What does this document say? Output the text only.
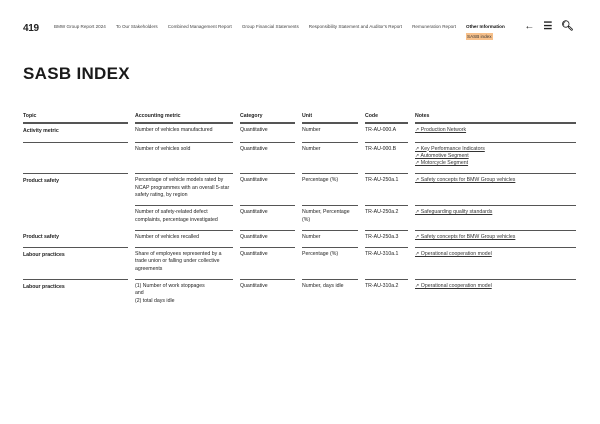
419	BMW Group Report 2024 To Our Stakeholders Combined Management Report Group Financial Statements Responsibility Statement and Auditor's Report Remuneration Report Other Information
SASB index
← ☰ 🔍︎
SASB INDEX
Topic	Accounting metric	Category	Unit	Code	Notes
Activity metric	Number of vehicles manufactured	Quantitative	Number	TR-AU-000.A	↗ Production Network

	Number of vehicles sold	Quantitative	Number	TR-AU-000.B	↗ Key Performance Indicators
↗ Automotive Segment
↗ Motorcycle Segment

Product safety	Percentage of vehicle models rated by NCAP programmes with an overall 5-star safety rating, by region	Quantitative	Percentage (%)	TR-AU-250a.1	↗ Safety concepts for BMW Group vehicles

	Number of safety-related defect complaints, percentage investigated	Quantitative	Number, Percentage (%)	TR-AU-250a.2	↗ Safeguarding quality standards

Product safety	Number of vehicles recalled	Quantitative	Number	TR-AU-250a.3	↗ Safety concepts for BMW Group vehicles

Labour practices	Share of employees represented by a trade union or falling under collective agreements	Quantitative	Percentage (%)	TR-AU-310a.1	↗ Operational cooperation model

Labour practices	(1) Number of work stoppages
and
(2) total days idle	Quantitative	Number, days idle	TR-AU-310a.2	↗ Operational cooperation model
